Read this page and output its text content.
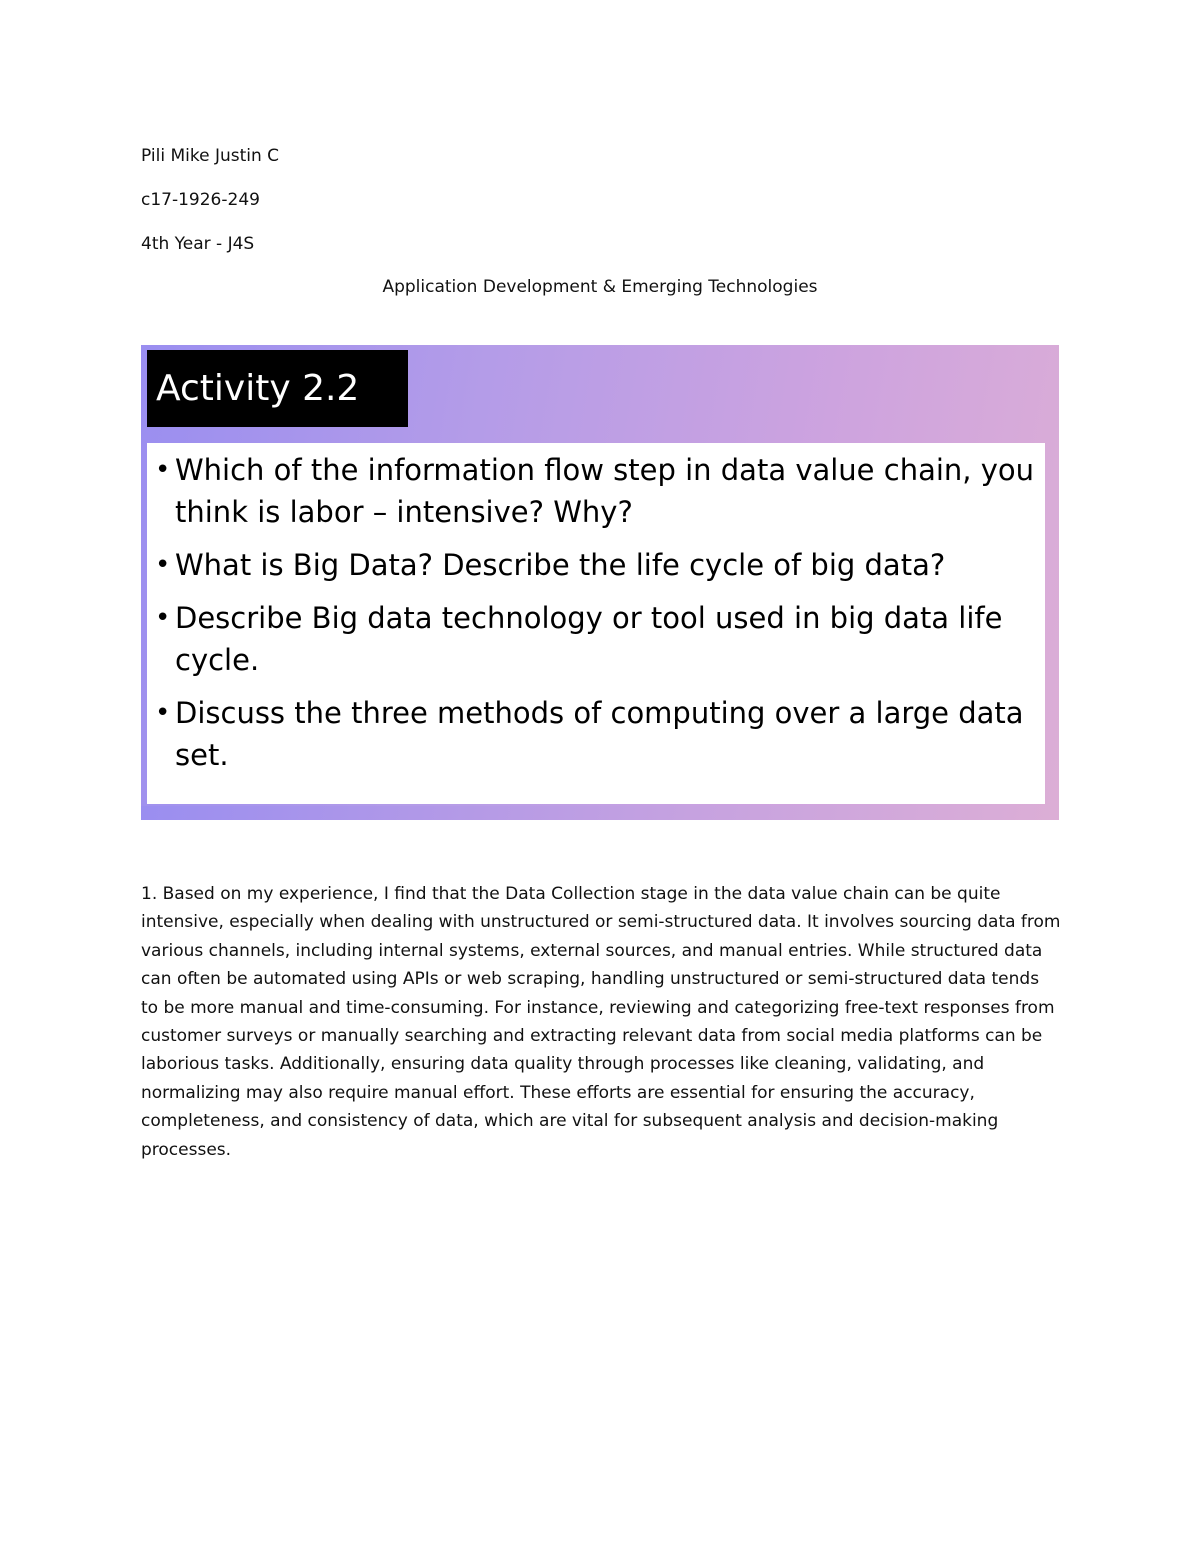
Pili Mike Justin C
c17-1926-249
4th Year - J4S
Application Development & Emerging Technologies
Activity 2.2
• Which of the information flow step in data value chain, you think is labor – intensive? Why?
• What is Big Data? Describe the life cycle of big data?
• Describe Big data technology or tool used in big data life cycle.
• Discuss the three methods of computing over a large data set.
1. Based on my experience, I find that the Data Collection stage in the data value chain can be quite intensive, especially when dealing with unstructured or semi-structured data. It involves sourcing data from various channels, including internal systems, external sources, and manual entries. While structured data can often be automated using APIs or web scraping, handling unstructured or semi-structured data tends to be more manual and time-consuming. For instance, reviewing and categorizing free-text responses from customer surveys or manually searching and extracting relevant data from social media platforms can be laborious tasks. Additionally, ensuring data quality through processes like cleaning, validating, and normalizing may also require manual effort. These efforts are essential for ensuring the accuracy, completeness, and consistency of data, which are vital for subsequent analysis and decision-making processes.
